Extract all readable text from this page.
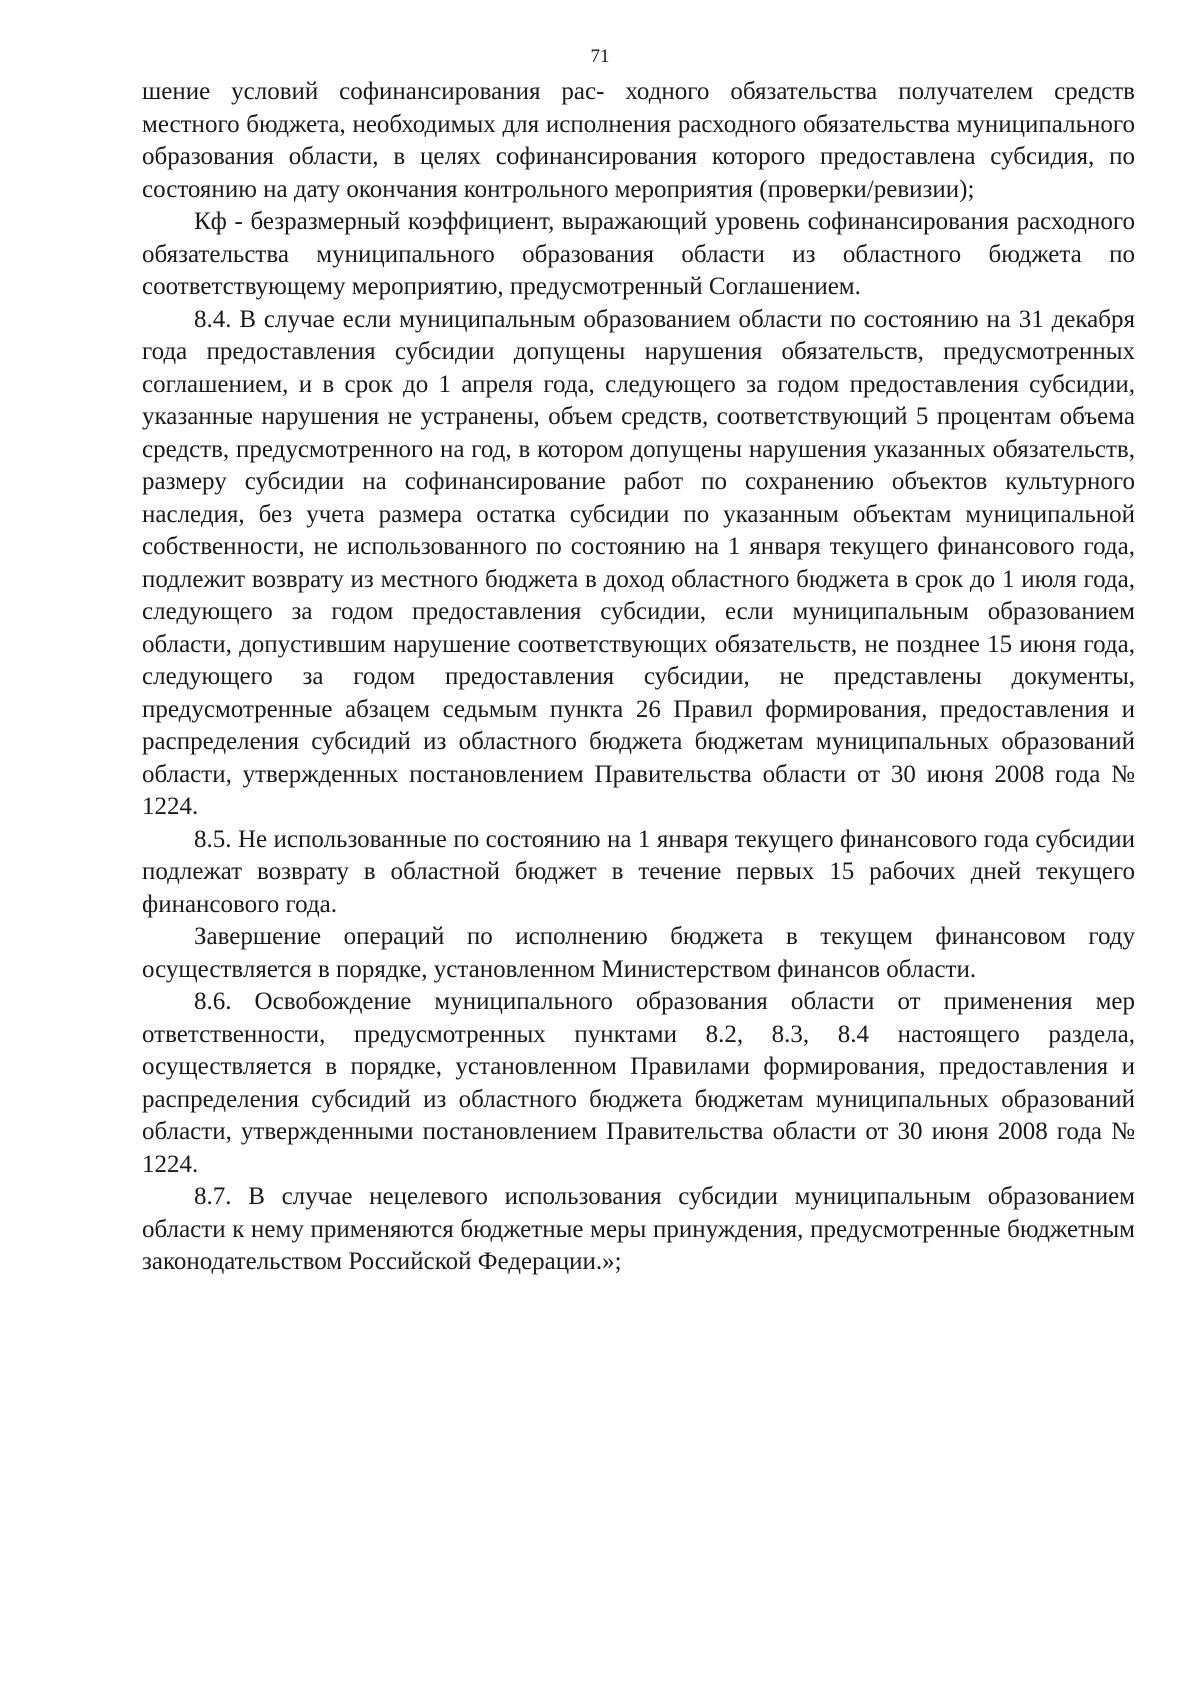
71

шение условий софинансирования рас- ходного обязательства получателем средств местного бюджета, необходимых для исполнения расходного обязательства муниципального образования области, в целях софинансирования которого предоставлена субсидия, по состоянию на дату окончания контрольного мероприятия (проверки/ревизии);

Кф - безразмерный коэффициент, выражающий уровень софинансирования расходного обязательства муниципального образования области из областного бюджета по соответствующему мероприятию, предусмотренный Соглашением.

8.4. В случае если муниципальным образованием области по состоянию на 31 декабря года предоставления субсидии допущены нарушения обязательств, предусмотренных соглашением, и в срок до 1 апреля года, следующего за годом предоставления субсидии, указанные нарушения не устранены, объем средств, соответствующий 5 процентам объема средств, предусмотренного на год, в котором допущены нарушения указанных обязательств, размеру субсидии на софинансирование работ по сохранению объектов культурного наследия, без учета размера остатка субсидии по указанным объектам муниципальной собственности, не использованного по состоянию на 1 января текущего финансового года, подлежит возврату из местного бюджета в доход областного бюджета в срок до 1 июля года, следующего за годом предоставления субсидии, если муниципальным образованием области, допустившим нарушение соответствующих обязательств, не позднее 15 июня года, следующего за годом предоставления субсидии, не представлены документы, предусмотренные абзацем седьмым пункта 26 Правил формирования, предоставления и распределения субсидий из областного бюджета бюджетам муниципальных образований области, утвержденных постановлением Правительства области от 30 июня 2008 года № 1224.

8.5. Не использованные по состоянию на 1 января текущего финансового года субсидии подлежат возврату в областной бюджет в течение первых 15 рабочих дней текущего финансового года.

Завершение операций по исполнению бюджета в текущем финансовом году осуществляется в порядке, установленном Министерством финансов области.

8.6. Освобождение муниципального образования области от применения мер ответственности, предусмотренных пунктами 8.2, 8.3, 8.4 настоящего раздела, осуществляется в порядке, установленном Правилами формирования, предоставления и распределения субсидий из областного бюджета бюджетам муниципальных образований области, утвержденными постановлением Правительства области от 30 июня 2008 года № 1224.

8.7. В случае нецелевого использования субсидии муниципальным образованием области к нему применяются бюджетные меры принуждения, предусмотренные бюджетным законодательством Российской Федерации.»;
